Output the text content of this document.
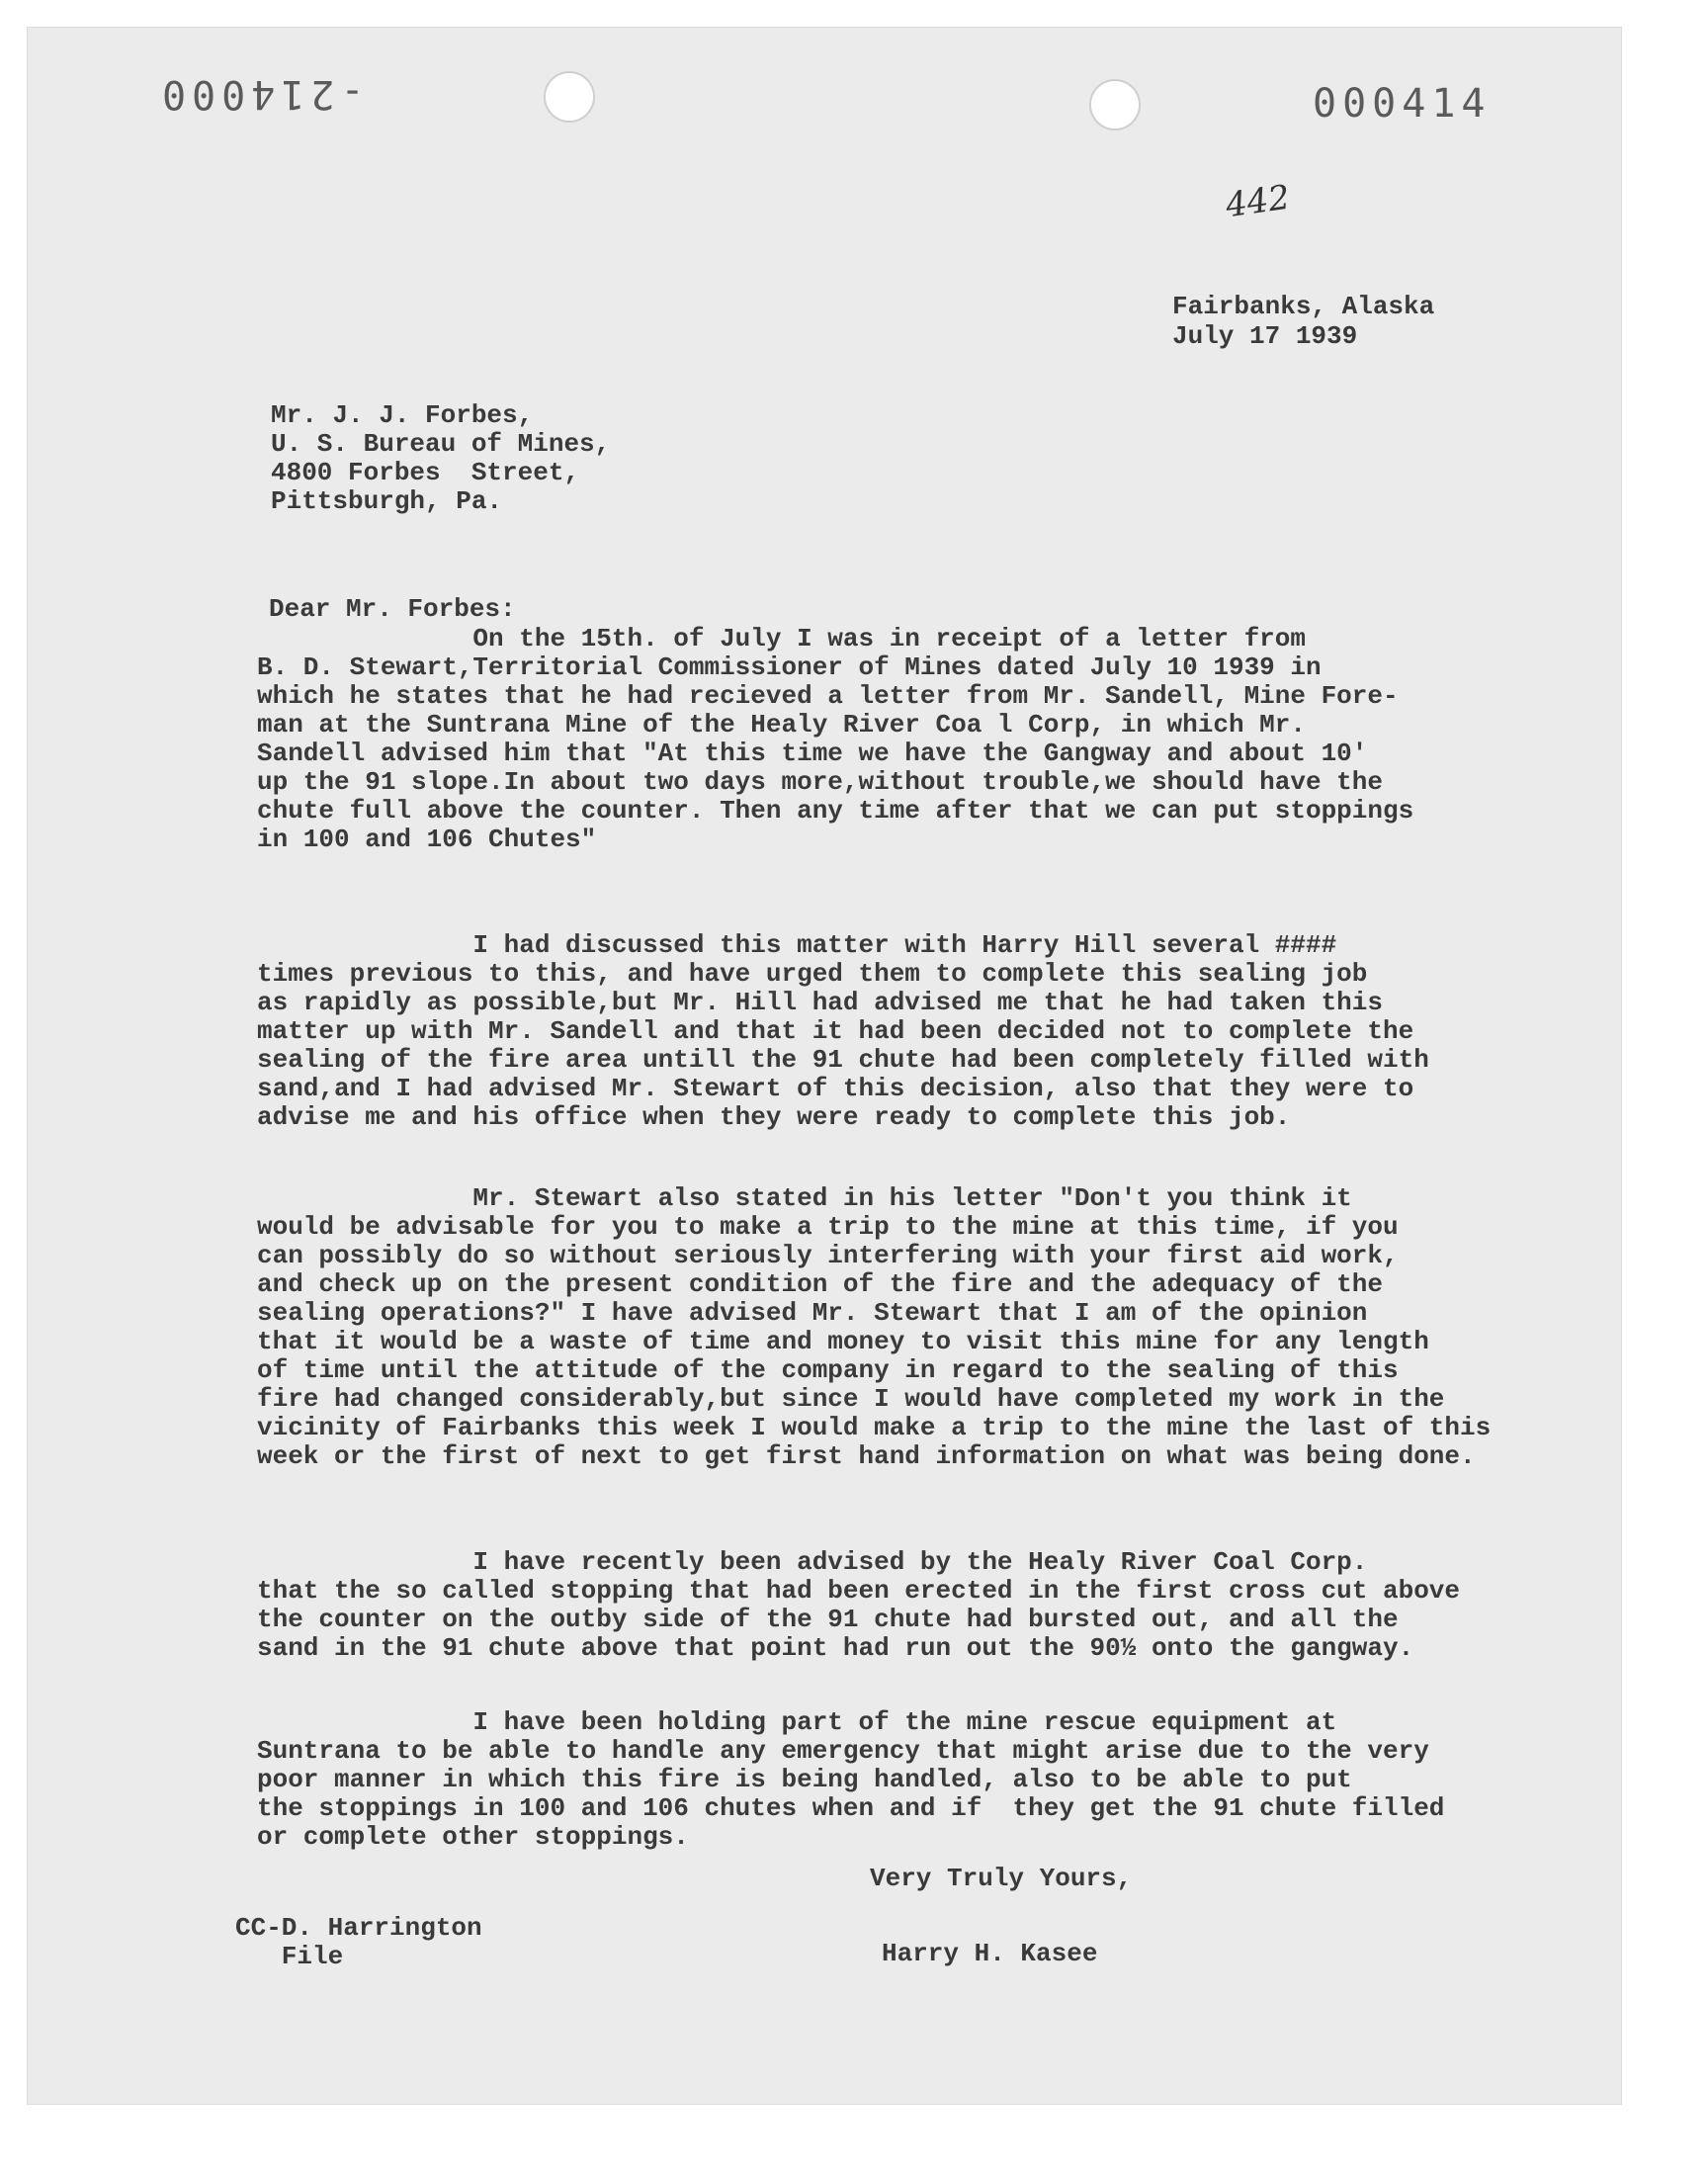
-214000	000414
442
Fairbanks, Alaska
July 17 1939
Mr. J. J. Forbes,
U. S. Bureau of Mines,
4800 Forbes  Street,
Pittsburgh, Pa.
Dear Mr. Forbes:
On the 15th. of July I was in receipt of a letter from
B. D. Stewart,Territorial Commissioner of Mines dated July 10 1939 in
which he states that he had recieved a letter from Mr. Sandell, Mine Fore-
man at the Suntrana Mine of the Healy River Coa l Corp, in which Mr.
Sandell advised him that "At this time we have the Gangway and about 10'
up the 91 slope.In about two days more,without trouble,we should have the
chute full above the counter. Then any time after that we can put stoppings
in 100 and 106 Chutes"
I had discussed this matter with Harry Hill several ####
times previous to this, and have urged them to complete this sealing job
as rapidly as possible,but Mr. Hill had advised me that he had taken this
matter up with Mr. Sandell and that it had been decided not to complete the
sealing of the fire area untill the 91 chute had been completely filled with
sand,and I had advised Mr. Stewart of this decision, also that they were to
advise me and his office when they were ready to complete this job.
Mr. Stewart also stated in his letter "Don't you think it
would be advisable for you to make a trip to the mine at this time, if you
can possibly do so without seriously interfering with your first aid work,
and check up on the present condition of the fire and the adequacy of the
sealing operations?" I have advised Mr. Stewart that I am of the opinion
that it would be a waste of time and money to visit this mine for any length
of time until the attitude of the company in regard to the sealing of this
fire had changed considerably,but since I would have completed my work in the
vicinity of Fairbanks this week I would make a trip to the mine the last of this
week or the first of next to get first hand information on what was being done.
I have recently been advised by the Healy River Coal Corp.
that the so called stopping that had been erected in the first cross cut above
the counter on the outby side of the 91 chute had bursted out, and all the
sand in the 91 chute above that point had run out the 90½ onto the gangway.
I have been holding part of the mine rescue equipment at
Suntrana to be able to handle any emergency that might arise due to the very
poor manner in which this fire is being handled, also to be able to put
the stoppings in 100 and 106 chutes when and if  they get the 91 chute filled
or complete other stoppings.
Very Truly Yours,
Harry H. Kasee
CC-D. Harrington
File
